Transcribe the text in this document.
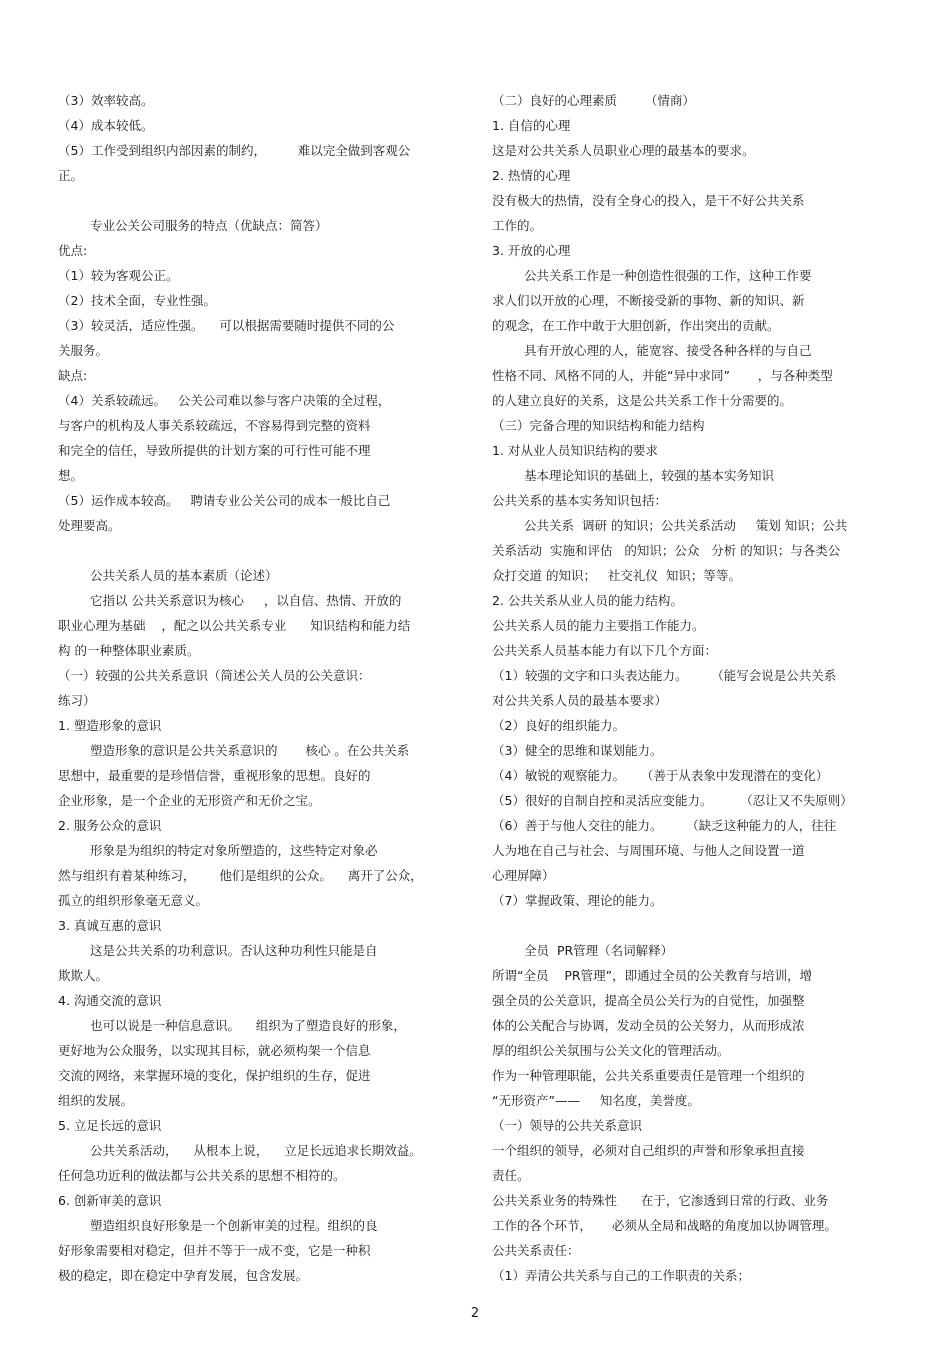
（3）效率较高。
（4）成本较低。
（5）工作受到组织内部因素的制约，        难以完全做到客观公
正。
专业公关公司服务的特点（优缺点：简答）
优点:
（1）较为客观公正。
（2）技术全面，专业性强。
（3）较灵活，适应性强。    可以根据需要随时提供不同的公
关服务。
缺点:
（4）关系较疏远。   公关公司难以参与客户决策的全过程，
与客户的机构及人事关系较疏远，不容易得到完整的资料
和完全的信任，导致所提供的计划方案的可行性可能不理
想。
（5）运作成本较高。   聘请专业公关公司的成本一般比自己
处理要高。
公共关系人员的基本素质（论述）
它指以 公共关系意识为核心     ，以自信、热情、开放的
职业心理为基础    ，配之以公共关系专业      知识结构和能力结
构 的一种整体职业素质。
（一）较强的公共关系意识（简述公关人员的公关意识：
练习）
1. 塑造形象的意识
塑造形象的意识是公共关系意识的       核心 。在公共关系
思想中，最重要的是珍惜信誉，重视形象的思想。良好的
企业形象，是一个企业的无形资产和无价之宝。
2. 服务公众的意识
形象是为组织的特定对象所塑造的，这些特定对象必
然与组织有着某种练习，      他们是组织的公众。    离开了公众，
孤立的组织形象毫无意义。
3. 真诚互惠的意识
这是公共关系的功利意识。否认这种功利性只能是自
欺欺人。
4. 沟通交流的意识
也可以说是一种信息意识。    组织为了塑造良好的形象，
更好地为公众服务，以实现其目标，就必须构架一个信息
交流的网络，来掌握环境的变化，保护组织的生存，促进
组织的发展。
5. 立足长远的意识
公共关系活动，    从根本上说，    立足长远追求长期效益。
任何急功近利的做法都与公共关系的思想不相符的。
6. 创新审美的意识
塑造组织良好形象是一个创新审美的过程。组织的良
好形象需要相对稳定，但并不等于一成不变，它是一种积
极的稳定，即在稳定中孕育发展，包含发展。
（二）良好的心理素质       （情商）
1. 自信的心理
这是对公共关系人员职业心理的最基本的要求。
2. 热情的心理
没有极大的热情，没有全身心的投入，是干不好公共关系
工作的。
3. 开放的心理
公共关系工作是一种创造性很强的工作，这种工作要
求人们以开放的心理，不断接受新的事物、新的知识、新
的观念，在工作中敢于大胆创新，作出突出的贡献。
具有开放心理的人，能宽容、接受各种各样的与自己
性格不同、风格不同的人，并能“异中求同”       ，与各种类型
的人建立良好的关系，这是公共关系工作十分需要的。
（三）完备合理的知识结构和能力结构
1. 对从业人员知识结构的要求
基本理论知识的基础上，较强的基本实务知识
公共关系的基本实务知识包括：
公共关系  调研 的知识；公共关系活动     策划 知识；公共
关系活动  实施和评估   的知识；公众   分析 的知识；与各类公
众打交道 的知识；   社交礼仪  知识；等等。
2. 公共关系从业人员的能力结构。
公共关系人员的能力主要指工作能力。
公共关系人员基本能力有以下几个方面：
（1）较强的文字和口头表达能力。      （能写会说是公共关系
对公共关系人员的最基本要求）
（2）良好的组织能力。
（3）健全的思维和谋划能力。
（4）敏锐的观察能力。    （善于从表象中发现潜在的变化）
（5）很好的自制自控和灵活应变能力。       （忍让又不失原则）
（6）善于与他人交往的能力。      （缺乏这种能力的人，往往
人为地在自己与社会、与周围环境、与他人之间设置一道
心理屏障）
（7）掌握政策、理论的能力。
全员  PR管理（名词解释）
所谓“全员    PR管理”，即通过全员的公关教育与培训，增
强全员的公关意识，提高全员公关行为的自觉性，加强整
体的公关配合与协调，发动全员的公关努力，从而形成浓
厚的组织公关氛围与公关文化的管理活动。
作为一种管理职能，公共关系重要责任是管理一个组织的
“无形资产”——     知名度，美誉度。
（一）领导的公共关系意识
一个组织的领导，必须对自己组织的声誉和形象承担直接
责任。
公共关系业务的特殊性      在于，它渗透到日常的行政、业务
工作的各个环节，     必须从全局和战略的角度加以协调管理。
公共关系责任：
（1）弄清公共关系与自己的工作职责的关系；
2
